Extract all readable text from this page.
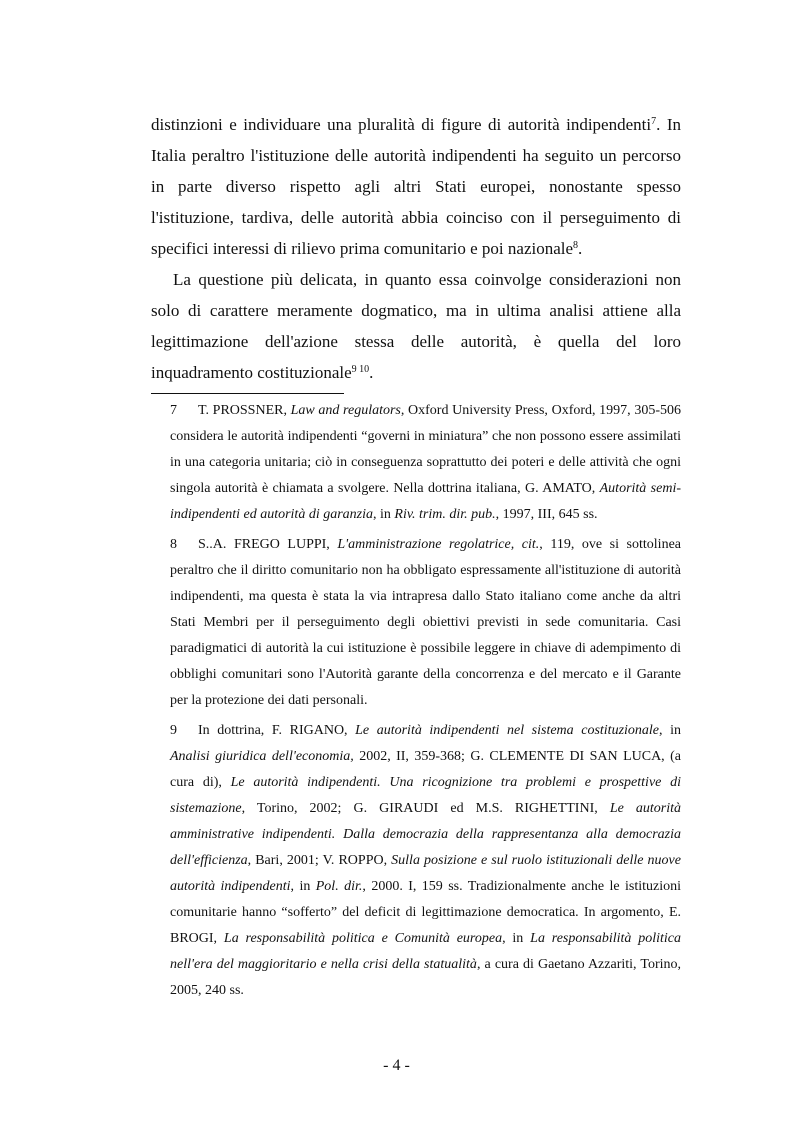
distinzioni e individuare una pluralità di figure di autorità indipendenti$^7$. In Italia peraltro l'istituzione delle autorità indipendenti ha seguito un percorso in parte diverso rispetto agli altri Stati europei, nonostante spesso l'istituzione, tardiva, delle autorità abbia coinciso con il perseguimento di specifici interessi di rilievo prima comunitario e poi nazionale$^8$.

La questione più delicata, in quanto essa coinvolge considerazioni non solo di carattere meramente dogmatico, ma in ultima analisi attiene alla legittimazione dell'azione stessa delle autorità, è quella del loro inquadramento costituzionale$^{9 10}$.

7 T. PROSSNER, Law and regulators, Oxford University Press, Oxford, 1997, 305-506 considera le autorità indipendenti “governi in miniatura” che non possono essere assimilati in una categoria unitaria; ciò in conseguenza soprattutto dei poteri e delle attività che ogni singola autorità è chiamata a svolgere. Nella dottrina italiana, G. AMATO, Autorità semi-indipendenti ed autorità di garanzia, in Riv. trim. dir. pub., 1997, III, 645 ss.

8 S..A. FREGO LUPPI, L'amministrazione regolatrice, cit., 119, ove si sottolinea peraltro che il diritto comunitario non ha obbligato espressamente all'istituzione di autorità indipendenti, ma questa è stata la via intrapresa dallo Stato italiano come anche da altri Stati Membri per il perseguimento degli obiettivi previsti in sede comunitaria. Casi paradigmatici di autorità la cui istituzione è possibile leggere in chiave di adempimento di obblighi comunitari sono l'Autorità garante della concorrenza e del mercato e il Garante per la protezione dei dati personali.

9 In dottrina, F. RIGANO, Le autorità indipendenti nel sistema costituzionale, in Analisi giuridica dell'economia, 2002, II, 359-368; G. CLEMENTE DI SAN LUCA, (a cura di), Le autorità indipendenti. Una ricognizione tra problemi e prospettive di sistemazione, Torino, 2002; G. GIRAUDI ed M.S. RIGHETTINI, Le autorità amministrative indipendenti. Dalla democrazia della rappresentanza alla democrazia dell'efficienza, Bari, 2001; V. ROPPO, Sulla posizione e sul ruolo istituzionali delle nuove autorità indipendenti, in Pol. dir., 2000. I, 159 ss. Tradizionalmente anche le istituzioni comunitarie hanno “sofferto” del deficit di legittimazione democratica. In argomento, E. BROGI, La responsabilità politica e Comunità europea, in La responsabilità politica nell'era del maggioritario e nella crisi della statualità, a cura di Gaetano Azzariti, Torino, 2005, 240 ss.

- 4 -
